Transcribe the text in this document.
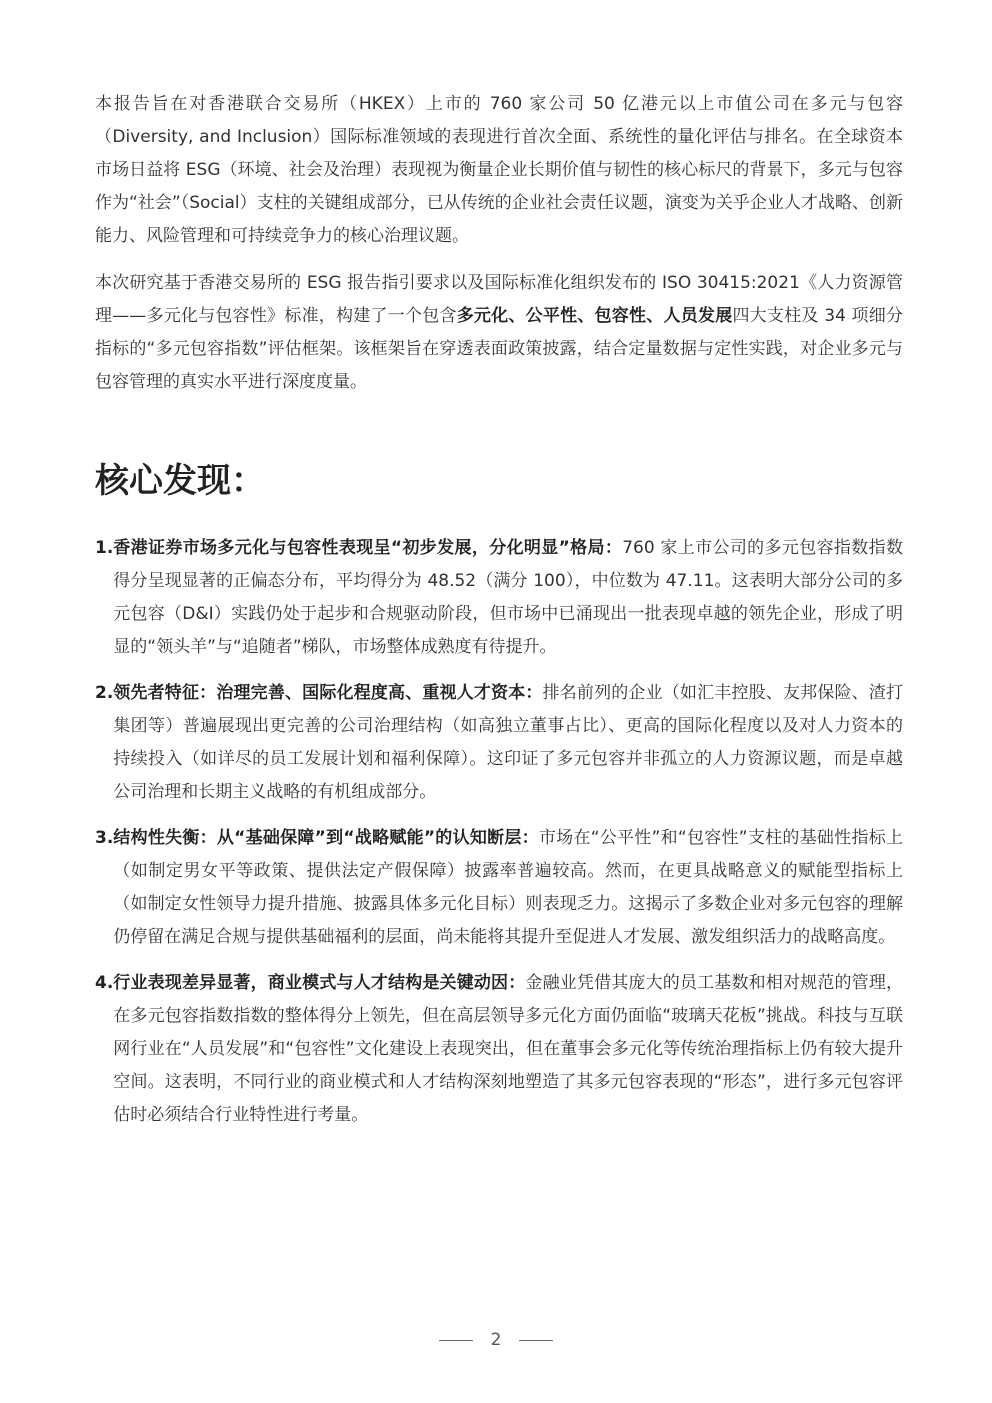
本报告旨在对香港联合交易所（HKEX）上市的 760 家公司 50 亿港元以上市值公司在多元与包容（Diversity, and Inclusion）国际标准领域的表现进行首次全面、系统性的量化评估与排名。在全球资本市场日益将 ESG（环境、社会及治理）表现视为衡量企业长期价值与韧性的核心标尺的背景下，多元与包容作为“社会”（Social）支柱的关键组成部分，已从传统的企业社会责任议题，演变为关乎企业人才战略、创新能力、风险管理和可持续竞争力的核心治理议题。

本次研究基于香港交易所的 ESG 报告指引要求以及国际标准化组织发布的 ISO 30415:2021《人力资源管理——多元化与包容性》标准，构建了一个包含多元化、公平性、包容性、人员发展四大支柱及 34 项细分指标的“多元包容指数”评估框架。该框架旨在穿透表面政策披露，结合定量数据与定性实践，对企业多元与包容管理的真实水平进行深度度量。

核心发现：
1. 香港证券市场多元化与包容性表现呈“初步发展，分化明显”格局：760 家上市公司的多元包容指数指数得分呈现显著的正偏态分布，平均得分为 48.52（满分 100），中位数为 47.11。这表明大部分公司的多元包容（D&I）实践仍处于起步和合规驱动阶段，但市场中已涌现出一批表现卓越的领先企业，形成了明显的“领头羊”与“追随者”梯队，市场整体成熟度有待提升。
2. 领先者特征：治理完善、国际化程度高、重视人才资本：排名前列的企业（如汇丰控股、友邦保险、渣打集团等）普遍展现出更完善的公司治理结构（如高独立董事占比）、更高的国际化程度以及对人力资本的持续投入（如详尽的员工发展计划和福利保障）。这印证了多元包容并非孤立的人力资源议题，而是卓越公司治理和长期主义战略的有机组成部分。
3. 结构性失衡：从“基础保障”到“战略赋能”的认知断层：市场在“公平性”和“包容性”支柱的基础性指标上（如制定男女平等政策、提供法定产假保障）披露率普遍较高。然而，在更具战略意义的赋能型指标上（如制定女性领导力提升措施、披露具体多元化目标）则表现乏力。这揭示了多数企业对多元包容的理解仍停留在满足合规与提供基础福利的层面，尚未能将其提升至促进人才发展、激发组织活力的战略高度。
4. 行业表现差异显著，商业模式与人才结构是关键动因：金融业凭借其庞大的员工基数和相对规范的管理，在多元包容指数指数的整体得分上领先，但在高层领导多元化方面仍面临“玻璃天花板”挑战。科技与互联网行业在“人员发展”和“包容性”文化建设上表现突出，但在董事会多元化等传统治理指标上仍有较大提升空间。这表明，不同行业的商业模式和人才结构深刻地塑造了其多元包容表现的“形态”，进行多元包容评估时必须结合行业特性进行考量。
2
